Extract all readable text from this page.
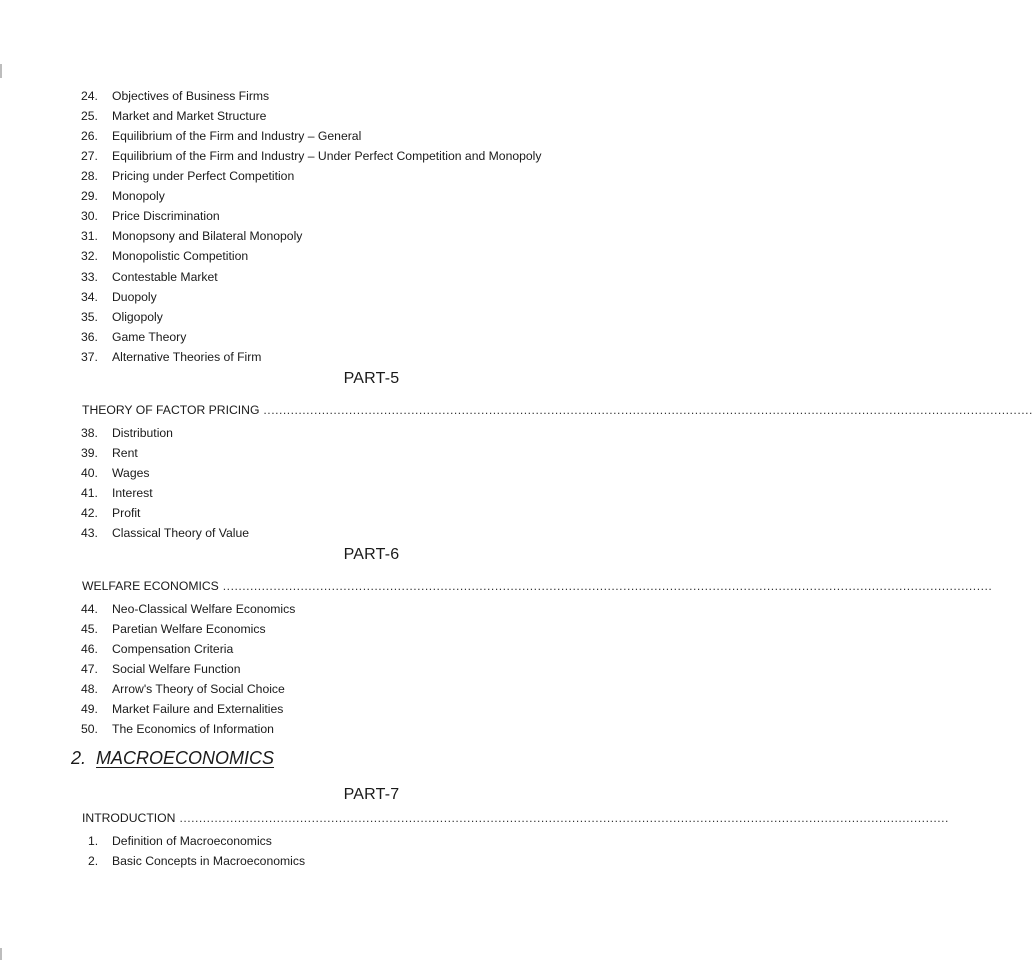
24. Objectives of Business Firms
25. Market and Market Structure
26. Equilibrium of the Firm and Industry – General
27. Equilibrium of the Firm and Industry – Under Perfect Competition and Monopoly
28. Pricing under Perfect Competition
29. Monopoly
30. Price Discrimination
31. Monopsony and Bilateral Monopoly
32. Monopolistic Competition
33. Contestable Market
34. Duopoly
35. Oligopoly
36. Game Theory
37. Alternative Theories of Firm
PART-5
THEORY OF FACTOR PRICING ......................................................................................................................................................................................................
38. Distribution
39. Rent
40. Wages
41. Interest
42. Profit
43. Classical Theory of Value
PART-6
WELFARE ECONOMICS ......................................................................................................................................................................................................
44. Neo-Classical Welfare Economics
45. Paretian Welfare Economics
46. Compensation Criteria
47. Social Welfare Function
48. Arrow's Theory of Social Choice
49. Market Failure and Externalities
50. The Economics of Information
2. MACROECONOMICS
PART-7
INTRODUCTION ......................................................................................................................................................................................................
1. Definition of Macroeconomics
2. Basic Concepts in Macroeconomics
